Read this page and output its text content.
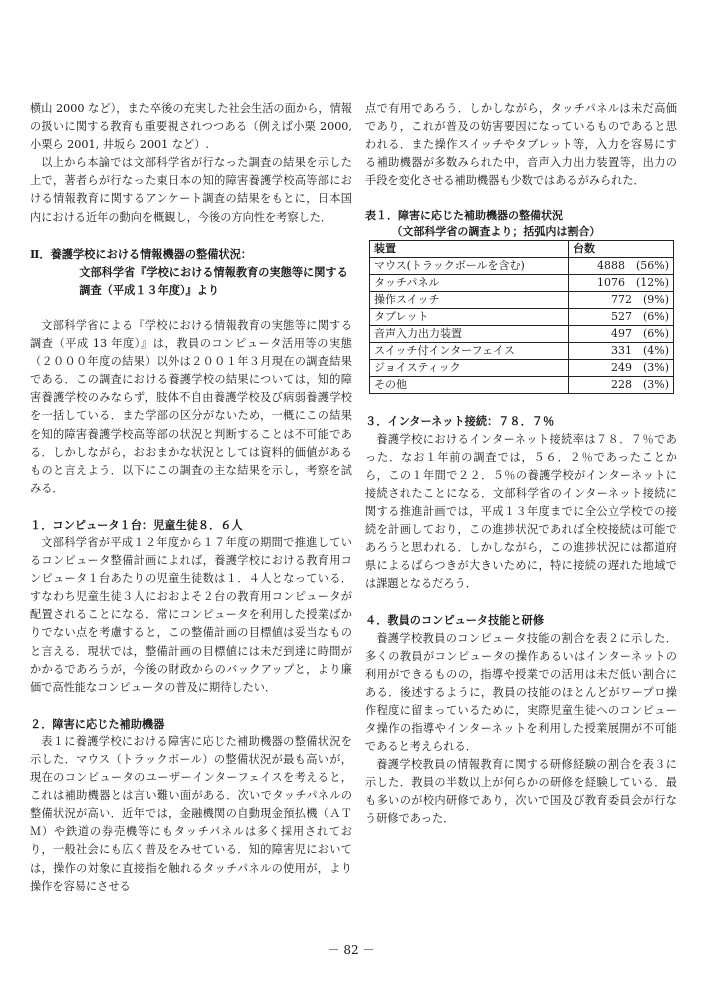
横山 2000 など），また卒後の充実した社会生活の面から，情報の扱いに関する教育も重要視されつつある（例えば小栗 2000, 小栗ら 2001, 井坂ら 2001 など）.

以上から本論では文部科学省が行なった調査の結果を示した上で，著者らが行なった東日本の知的障害養護学校高等部における情報教育に関するアンケート調査の結果をもとに，日本国内における近年の動向を概観し，今後の方向性を考察した．

Ⅱ．養護学校における情報機器の整備状況：
文部科学省『学校における情報教育の実態等に関する調査（平成１３年度）』より

文部科学省による『学校における情報教育の実態等に関する調査（平成 13 年度）』は，教員のコンピュータ活用等の実態（２０００年度の結果）以外は２００１年３月現在の調査結果である．この調査における養護学校の結果については，知的障害養護学校のみならず，肢体不自由養護学校及び病弱養護学校を一括している．また学部の区分がないため，一概にこの結果を知的障害養護学校高等部の状況と判断することは不可能である．しかしながら，おおまかな状況としては資料的価値があるものと言えよう．以下にこの調査の主な結果を示し，考察を試みる．

１．コンピュータ１台：児童生徒８．６人

文部科学省が平成１２年度から１７年度の期間で推進しているコンピュータ整備計画によれば，養護学校における教育用コンピュータ１台あたりの児童生徒数は１．４人となっている．すなわち児童生徒３人におおよそ２台の教育用コンピュータが配置されることになる．常にコンピュータを利用した授業ばかりでない点を考慮すると，この整備計画の目標値は妥当なものと言える．現状では，整備計画の目標値には未だ到達に時間がかかるであろうが，今後の財政からのバックアップと，より廉価で高性能なコンピュータの普及に期待したい．

２．障害に応じた補助機器

表１に養護学校における障害に応じた補助機器の整備状況を示した．マウス（トラックボール）の整備状況が最も高いが，現在のコンピュータのユーザーインターフェイスを考えると，これは補助機器とは言い難い面がある．次いでタッチパネルの整備状況が高い．近年では，金融機関の自動現金預払機（ＡＴＭ）や鉄道の券売機等にもタッチパネルは多く採用されており，一般社会にも広く普及をみせている．知的障害児においては，操作の対象に直接指を触れるタッチパネルの使用が，より操作を容易にさせる

点で有用であろう．しかしながら，タッチパネルは未だ高価であり，これが普及の妨害要因になっているものであると思われる．また操作スイッチやタブレット等，入力を容易にする補助機器が多数みられた中，音声入力出力装置等，出力の手段を変化させる補助機器も少数ではあるがみられた．

表１．障害に応じた補助機器の整備状況
（文部科学省の調査より；括弧内は割合）

装置	台数
マウス(トラックボールを含む)	4888　(56%)
タッチパネル	1076　(12%)
操作スイッチ	772　(9%)
タブレット	527　(6%)
音声入力出力装置	497　(6%)
スイッチ付インターフェイス	331　(4%)
ジョイスティック	249　(3%)
その他	228　(3%)

３．インターネット接続：７８．７％

養護学校におけるインターネット接続率は７８．７％であった．なお１年前の調査では，５６．２％であったことから，この１年間で２２．５％の養護学校がインターネットに接続されたことになる．文部科学省のインターネット接続に関する推進計画では，平成１３年度までに全公立学校での接続を計画しており，この進捗状況であれば全校接続は可能であろうと思われる．しかしながら，この進捗状況には都道府県によるばらつきが大きいために，特に接続の遅れた地域では課題となるだろう．

４．教員のコンピュータ技能と研修

養護学校教員のコンピュータ技能の割合を表２に示した．多くの教員がコンピュータの操作あるいはインターネットの利用ができるものの，指導や授業での活用は未だ低い割合にある．後述するように，教員の技能のほとんどがワープロ操作程度に留まっているために，実際児童生徒へのコンピュータ操作の指導やインターネットを利用した授業展開が不可能であると考えられる．

養護学校教員の情報教育に関する研修経験の割合を表３に示した．教員の半数以上が何らかの研修を経験している．最も多いのが校内研修であり，次いで国及び教育委員会が行なう研修であった．

－ 82 －
